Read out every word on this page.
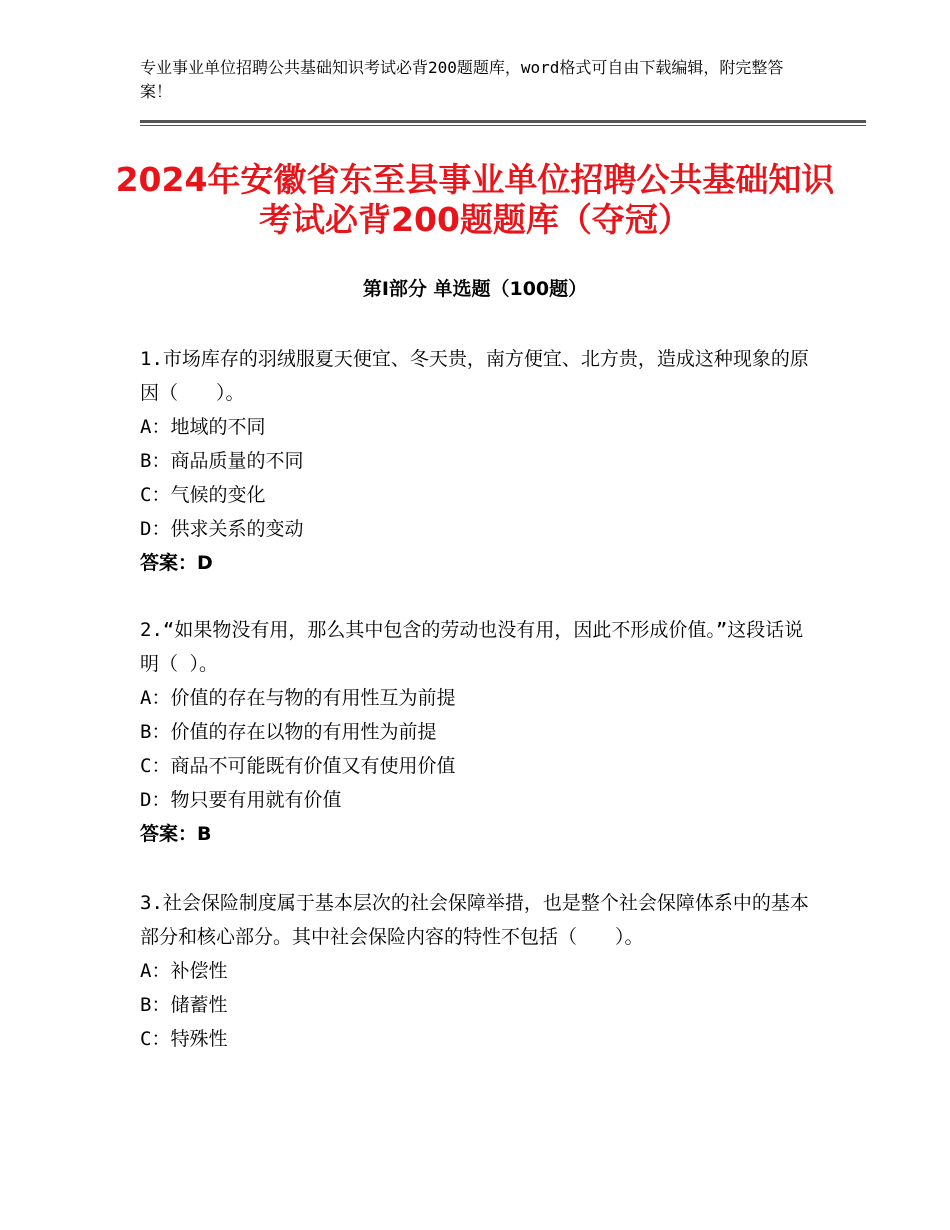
专业事业单位招聘公共基础知识考试必背200题题库，word格式可自由下载编辑，附完整答案！
2024年安徽省东至县事业单位招聘公共基础知识考试必背200题题库（夺冠）
第Ⅰ部分 单选题（100题）

1.市场库存的羽绒服夏天便宜、冬天贵，南方便宜、北方贵，造成这种现象的原因（　　）。

A：地域的不同

B：商品质量的不同

C：气候的变化

D：供求关系的变动

答案：D

2.“如果物没有用，那么其中包含的劳动也没有用，因此不形成价值。”这段话说明（ ）。

A：价值的存在与物的有用性互为前提

B：价值的存在以物的有用性为前提

C：商品不可能既有价值又有使用价值

D：物只要有用就有价值

答案：B

3.社会保险制度属于基本层次的社会保障举措，也是整个社会保障体系中的基本部分和核心部分。其中社会保险内容的特性不包括（　　）。

A：补偿性

B：储蓄性

C：特殊性
